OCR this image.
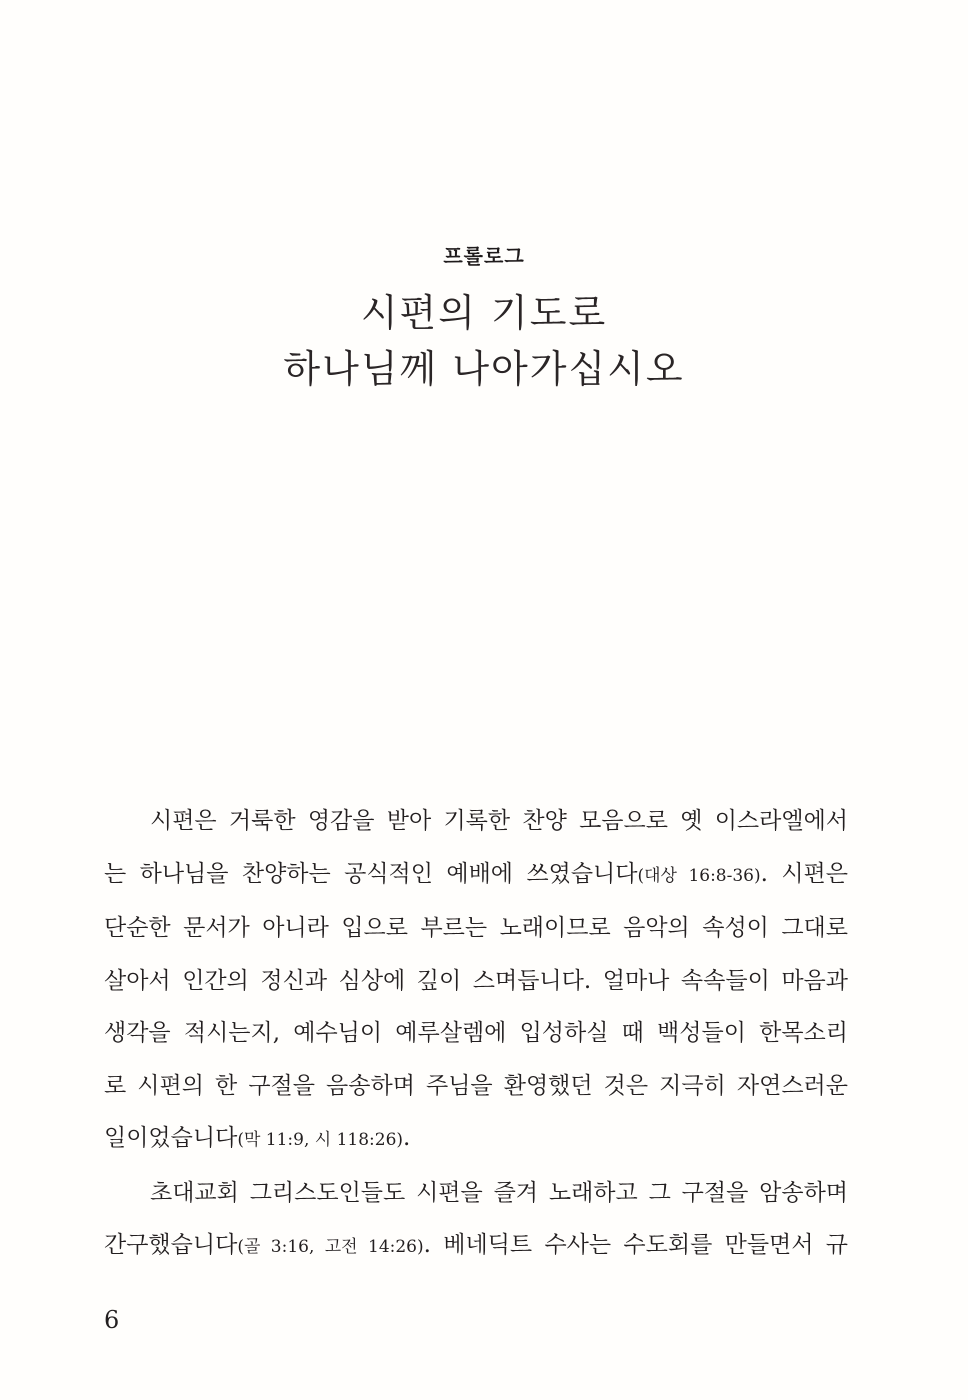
프롤로그
시편의 기도로
하나님께 나아가십시오
시편은 거룩한 영감을 받아 기록한 찬양 모음으로 옛 이스라엘에서
는 하나님을 찬양하는 공식적인 예배에 쓰였습니다(대상 16:8-36). 시편은
단순한 문서가 아니라 입으로 부르는 노래이므로 음악의 속성이 그대로
살아서 인간의 정신과 심상에 깊이 스며듭니다. 얼마나 속속들이 마음과
생각을 적시는지, 예수님이 예루살렘에 입성하실 때 백성들이 한목소리
로 시편의 한 구절을 음송하며 주님을 환영했던 것은 지극히 자연스러운
일이었습니다(막 11:9, 시 118:26).
초대교회 그리스도인들도 시편을 즐겨 노래하고 그 구절을 암송하며
간구했습니다(골 3:16, 고전 14:26). 베네딕트 수사는 수도회를 만들면서 규
6
